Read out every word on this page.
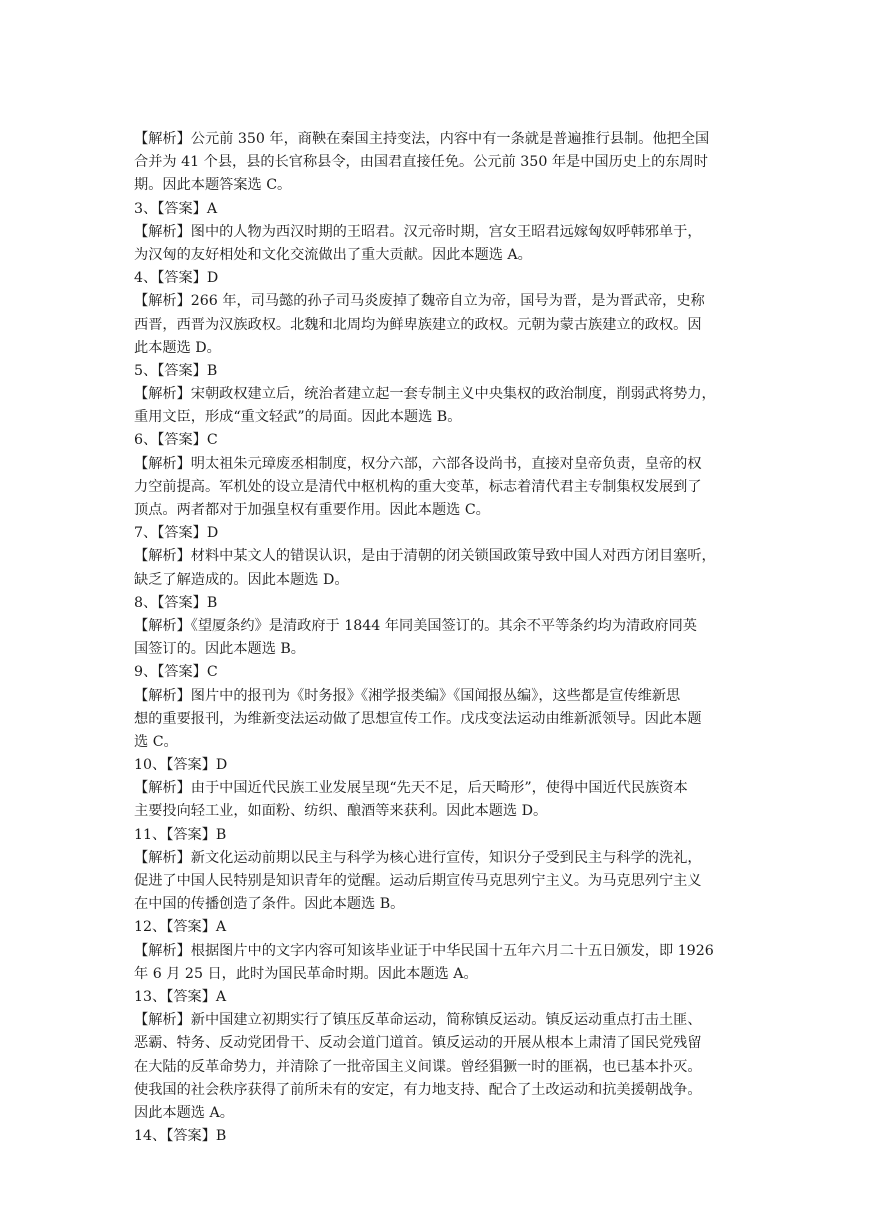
【解析】公元前 350 年，商鞅在秦国主持变法，内容中有一条就是普遍推行县制。他把全国
合并为 41 个县，县的长官称县令，由国君直接任免。公元前 350 年是中国历史上的东周时
期。因此本题答案选 C。
3、【答案】A
【解析】图中的人物为西汉时期的王昭君。汉元帝时期，宫女王昭君远嫁匈奴呼韩邪单于，
为汉匈的友好相处和文化交流做出了重大贡献。因此本题选 A。
4、【答案】D
【解析】266 年，司马懿的孙子司马炎废掉了魏帝自立为帝，国号为晋，是为晋武帝，史称
西晋，西晋为汉族政权。北魏和北周均为鲜卑族建立的政权。元朝为蒙古族建立的政权。因
此本题选 D。
5、【答案】B
【解析】宋朝政权建立后，统治者建立起一套专制主义中央集权的政治制度，削弱武将势力，
重用文臣，形成“重文轻武”的局面。因此本题选 B。
6、【答案】C
【解析】明太祖朱元璋废丞相制度，权分六部，六部各设尚书，直接对皇帝负责，皇帝的权
力空前提高。军机处的设立是清代中枢机构的重大变革，标志着清代君主专制集权发展到了
顶点。两者都对于加强皇权有重要作用。因此本题选 C。
7、【答案】D
【解析】材料中某文人的错误认识，是由于清朝的闭关锁国政策导致中国人对西方闭目塞听，
缺乏了解造成的。因此本题选 D。
8、【答案】B
【解析】《望厦条约》是清政府于 1844 年同美国签订的。其余不平等条约均为清政府同英
国签订的。因此本题选 B。
9、【答案】C
【解析】图片中的报刊为《时务报》《湘学报类编》《国闻报丛编》，这些都是宣传维新思
想的重要报刊，为维新变法运动做了思想宣传工作。戊戌变法运动由维新派领导。因此本题
选 C。
10、【答案】D
【解析】由于中国近代民族工业发展呈现“先天不足，后天畸形”，使得中国近代民族资本
主要投向轻工业，如面粉、纺织、酿酒等来获利。因此本题选 D。
11、【答案】B
【解析】新文化运动前期以民主与科学为核心进行宣传，知识分子受到民主与科学的洗礼，
促进了中国人民特别是知识青年的觉醒。运动后期宣传马克思列宁主义。为马克思列宁主义
在中国的传播创造了条件。因此本题选 B。
12、【答案】A
【解析】根据图片中的文字内容可知该毕业证于中华民国十五年六月二十五日颁发，即 1926
年 6 月 25 日，此时为国民革命时期。因此本题选 A。
13、【答案】A
【解析】新中国建立初期实行了镇压反革命运动，简称镇反运动。镇反运动重点打击土匪、
恶霸、特务、反动党团骨干、反动会道门道首。镇反运动的开展从根本上肃清了国民党残留
在大陆的反革命势力，并清除了一批帝国主义间谍。曾经猖獗一时的匪祸，也已基本扑灭。
使我国的社会秩序获得了前所未有的安定，有力地支持、配合了土改运动和抗美援朝战争。
因此本题选 A。
14、【答案】B
